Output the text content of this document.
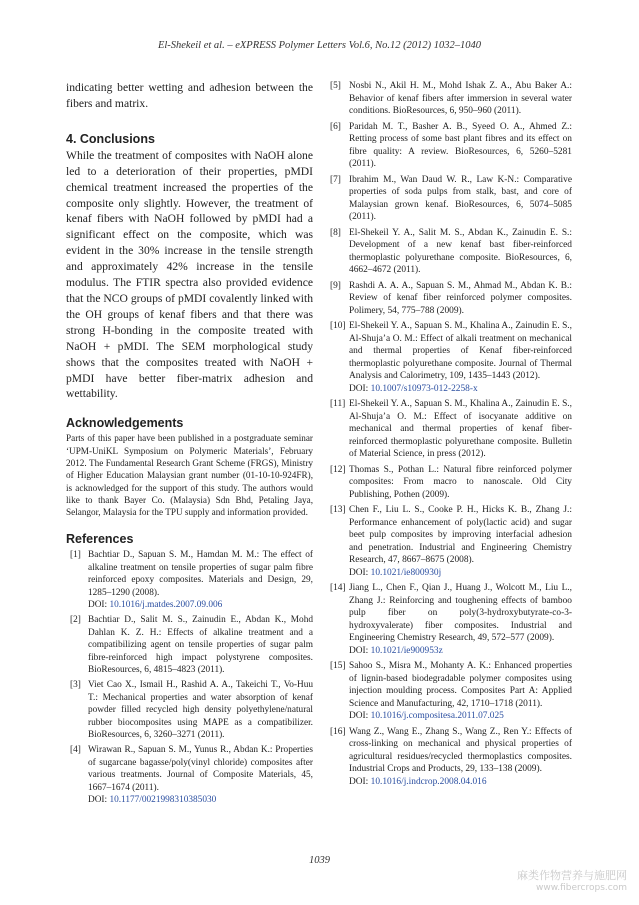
El-Shekeil et al. – eXPRESS Polymer Letters Vol.6, No.12 (2012) 1032–1040

indicating better wetting and adhesion between the fibers and matrix.

4. Conclusions

While the treatment of composites with NaOH alone led to a deterioration of their properties, pMDI chemical treatment increased the properties of the composite only slightly. However, the treatment of kenaf fibers with NaOH followed by pMDI had a significant effect on the composite, which was evident in the 30% increase in the tensile strength and approximately 42% increase in the tensile modulus. The FTIR spectra also provided evidence that the NCO groups of pMDI covalently linked with the OH groups of kenaf fibers and that there was strong H-bonding in the composite treated with NaOH + pMDI. The SEM morphological study shows that the composites treated with NaOH + pMDI have better fiber-matrix adhesion and wettability.

Acknowledgements

Parts of this paper have been published in a postgraduate seminar ‘UPM-UniKL Symposium on Polymeric Materials’, February 2012. The Fundamental Research Grant Scheme (FRGS), Ministry of Higher Education Malaysian grant number (01-10-10-924FR), is acknowledged for the support of this study. The authors would like to thank Bayer Co. (Malaysia) Sdn Bhd, Petaling Jaya, Selangor, Malaysia for the TPU supply and information provided.

References
[1] Bachtiar D., Sapuan S. M., Hamdan M. M.: The effect of alkaline treatment on tensile properties of sugar palm fibre reinforced epoxy composites. Materials and Design, 29, 1285–1290 (2008).
DOI: 10.1016/j.matdes.2007.09.006
[2] Bachtiar D., Salit M. S., Zainudin E., Abdan K., Mohd Dahlan K. Z. H.: Effects of alkaline treatment and a compatibilizing agent on tensile properties of sugar palm fibre-reinforced high impact polystyrene composites. BioResources, 6, 4815–4823 (2011).
[3] Viet Cao X., Ismail H., Rashid A. A., Takeichi T., Vo-Huu T.: Mechanical properties and water absorption of kenaf powder filled recycled high density polyethylene/natural rubber biocomposites using MAPE as a compatibilizer. BioResources, 6, 3260–3271 (2011).
[4] Wirawan R., Sapuan S. M., Yunus R., Abdan K.: Properties of sugarcane bagasse/poly(vinyl chloride) composites after various treatments. Journal of Composite Materials, 45, 1667–1674 (2011).
DOI: 10.1177/0021998310385030
[5] Nosbi N., Akil H. M., Mohd Ishak Z. A., Abu Baker A.: Behavior of kenaf fibers after immersion in several water conditions. BioResources, 6, 950–960 (2011).
[6] Paridah M. T., Basher A. B., Syeed O. A., Ahmed Z.: Retting process of some bast plant fibres and its effect on fibre quality: A review. BioResources, 6, 5260–5281 (2011).
[7] Ibrahim M., Wan Daud W. R., Law K-N.: Comparative properties of soda pulps from stalk, bast, and core of Malaysian grown kenaf. BioResources, 6, 5074–5085 (2011).
[8] El-Shekeil Y. A., Salit M. S., Abdan K., Zainudin E. S.: Development of a new kenaf bast fiber-reinforced thermoplastic polyurethane composite. BioResources, 6, 4662–4672 (2011).
[9] Rashdi A. A. A., Sapuan S. M., Ahmad M., Abdan K. B.: Review of kenaf fiber reinforced polymer composites. Polimery, 54, 775–788 (2009).
[10] El-Shekeil Y. A., Sapuan S. M., Khalina A., Zainudin E. S., Al-Shuja’a O. M.: Effect of alkali treatment on mechanical and thermal properties of Kenaf fiber-reinforced thermoplastic polyurethane composite. Journal of Thermal Analysis and Calorimetry, 109, 1435–1443 (2012).
DOI: 10.1007/s10973-012-2258-x
[11] El-Shekeil Y. A., Sapuan S. M., Khalina A., Zainudin E. S., Al-Shuja’a O. M.: Effect of isocyanate additive on mechanical and thermal properties of kenaf fiber-reinforced thermoplastic polyurethane composite. Bulletin of Material Science, in press (2012).
[12] Thomas S., Pothan L.: Natural fibre reinforced polymer composites: From macro to nanoscale. Old City Publishing, Pothen (2009).
[13] Chen F., Liu L. S., Cooke P. H., Hicks K. B., Zhang J.: Performance enhancement of poly(lactic acid) and sugar beet pulp composites by improving interfacial adhesion and penetration. Industrial and Engineering Chemistry Research, 47, 8667–8675 (2008).
DOI: 10.1021/ie800930j
[14] Jiang L., Chen F., Qian J., Huang J., Wolcott M., Liu L., Zhang J.: Reinforcing and toughening effects of bamboo pulp fiber on poly(3-hydroxybutyrate-co-3-hydroxyvalerate) fiber composites. Industrial and Engineering Chemistry Research, 49, 572–577 (2009).
DOI: 10.1021/ie900953z
[15] Sahoo S., Misra M., Mohanty A. K.: Enhanced properties of lignin-based biodegradable polymer composites using injection moulding process. Composites Part A: Applied Science and Manufacturing, 42, 1710–1718 (2011).
DOI: 10.1016/j.compositesa.2011.07.025
[16] Wang Z., Wang E., Zhang S., Wang Z., Ren Y.: Effects of cross-linking on mechanical and physical properties of agricultural residues/recycled thermoplastics composites. Industrial Crops and Products, 29, 133–138 (2009).
DOI: 10.1016/j.indcrop.2008.04.016
1039
麻类作物营养与施肥网
www.fibercrops.com
